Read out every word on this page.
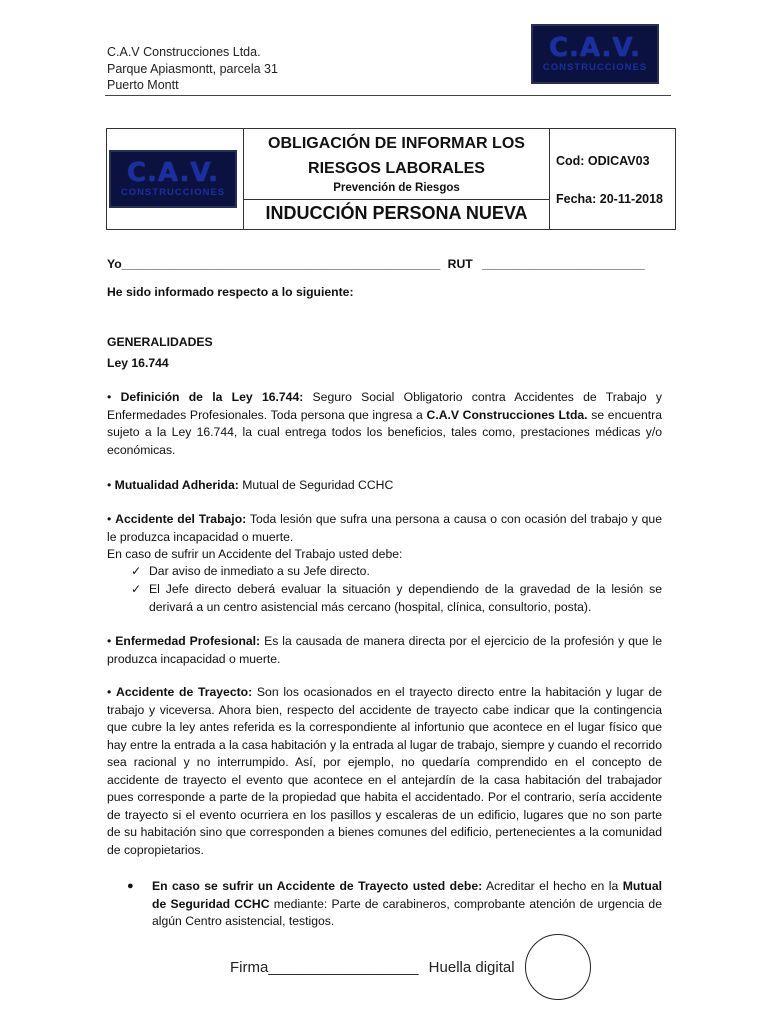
C.A.V Construcciones Ltda.
Parque Apiasmontt, parcela 31
Puerto Montt
C.A.V.
CONSTRUCCIONES
C.A.V.
CONSTRUCCIONES
OBLIGACIÓN DE INFORMAR LOS
RIESGOS LABORALES
Prevención de Riesgos
INDUCCIÓN PERSONA NUEVA
Cod: ODICAV03
Fecha: 20-11-2018
Yo_______________________________________________ RUT ________________________
He sido informado respecto a lo siguiente:
GENERALIDADES
Ley 16.744
• Definición de la Ley 16.744: Seguro Social Obligatorio contra Accidentes de Trabajo y Enfermedades Profesionales. Toda persona que ingresa a C.A.V Construcciones Ltda. se encuentra sujeto a la Ley 16.744, la cual entrega todos los beneficios, tales como, prestaciones médicas y/o económicas.
• Mutualidad Adherida: Mutual de Seguridad CCHC
• Accidente del Trabajo: Toda lesión que sufra una persona a causa o con ocasión del trabajo y que le produzca incapacidad o muerte.
En caso de sufrir un Accidente del Trabajo usted debe:
✓ Dar aviso de inmediato a su Jefe directo.
✓ El Jefe directo deberá evaluar la situación y dependiendo de la gravedad de la lesión se derivará a un centro asistencial más cercano (hospital, clínica, consultorio, posta).
• Enfermedad Profesional: Es la causada de manera directa por el ejercicio de la profesión y que le produzca incapacidad o muerte.
• Accidente de Trayecto: Son los ocasionados en el trayecto directo entre la habitación y lugar de trabajo y viceversa. Ahora bien, respecto del accidente de trayecto cabe indicar que la contingencia que cubre la ley antes referida es la correspondiente al infortunio que acontece en el lugar físico que hay entre la entrada a la casa habitación y la entrada al lugar de trabajo, siempre y cuando el recorrido sea racional y no interrumpido. Así, por ejemplo, no quedaría comprendido en el concepto de accidente de trayecto el evento que acontece en el antejardín de la casa habitación del trabajador pues corresponde a parte de la propiedad que habita el accidentado. Por el contrario, sería accidente de trayecto si el evento ocurriera en los pasillos y escaleras de un edificio, lugares que no son parte de su habitación sino que corresponden a bienes comunes del edificio, pertenecientes a la comunidad de copropietarios.
●	En caso se sufrir un Accidente de Trayecto usted debe: Acreditar el hecho en la Mutual de Seguridad CCHC mediante: Parte de carabineros, comprobante atención de urgencia de algún Centro asistencial, testigos.
Firma__________________ Huella digital
